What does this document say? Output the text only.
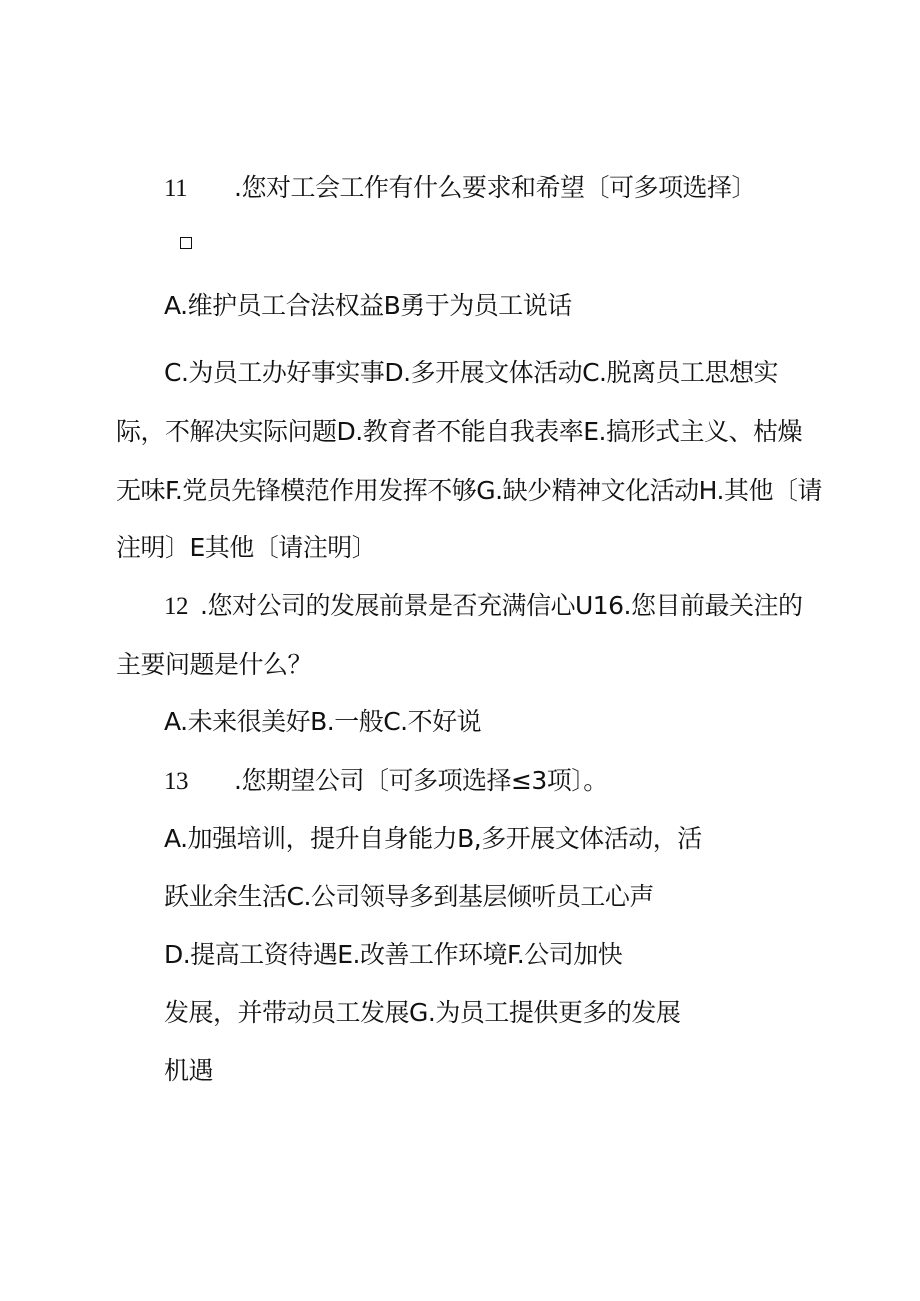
11 .您对工会工作有什么要求和希望〔可多项选择〕
A.维护员工合法权益B勇于为员工说话
C.为员工办好事实事D.多开展文体活动C.脱离员工思想实
际，不解决实际问题D.教育者不能自我表率E.搞形式主义、枯燥
无味F.党员先锋模范作用发挥不够G.缺少精神文化活动H.其他〔请
注明〕E其他〔请注明〕
12 .您对公司的发展前景是否充满信心U16.您目前最关注的
主要问题是什么？
A.未来很美好B.一般C.不好说
13 .您期望公司〔可多项选择≤3项〕。
A.加强培训，提升自身能力B,多开展文体活动，活
跃业余生活C.公司领导多到基层倾听员工心声
D.提高工资待遇E.改善工作环境F.公司加快
发展，并带动员工发展G.为员工提供更多的发展
机遇
